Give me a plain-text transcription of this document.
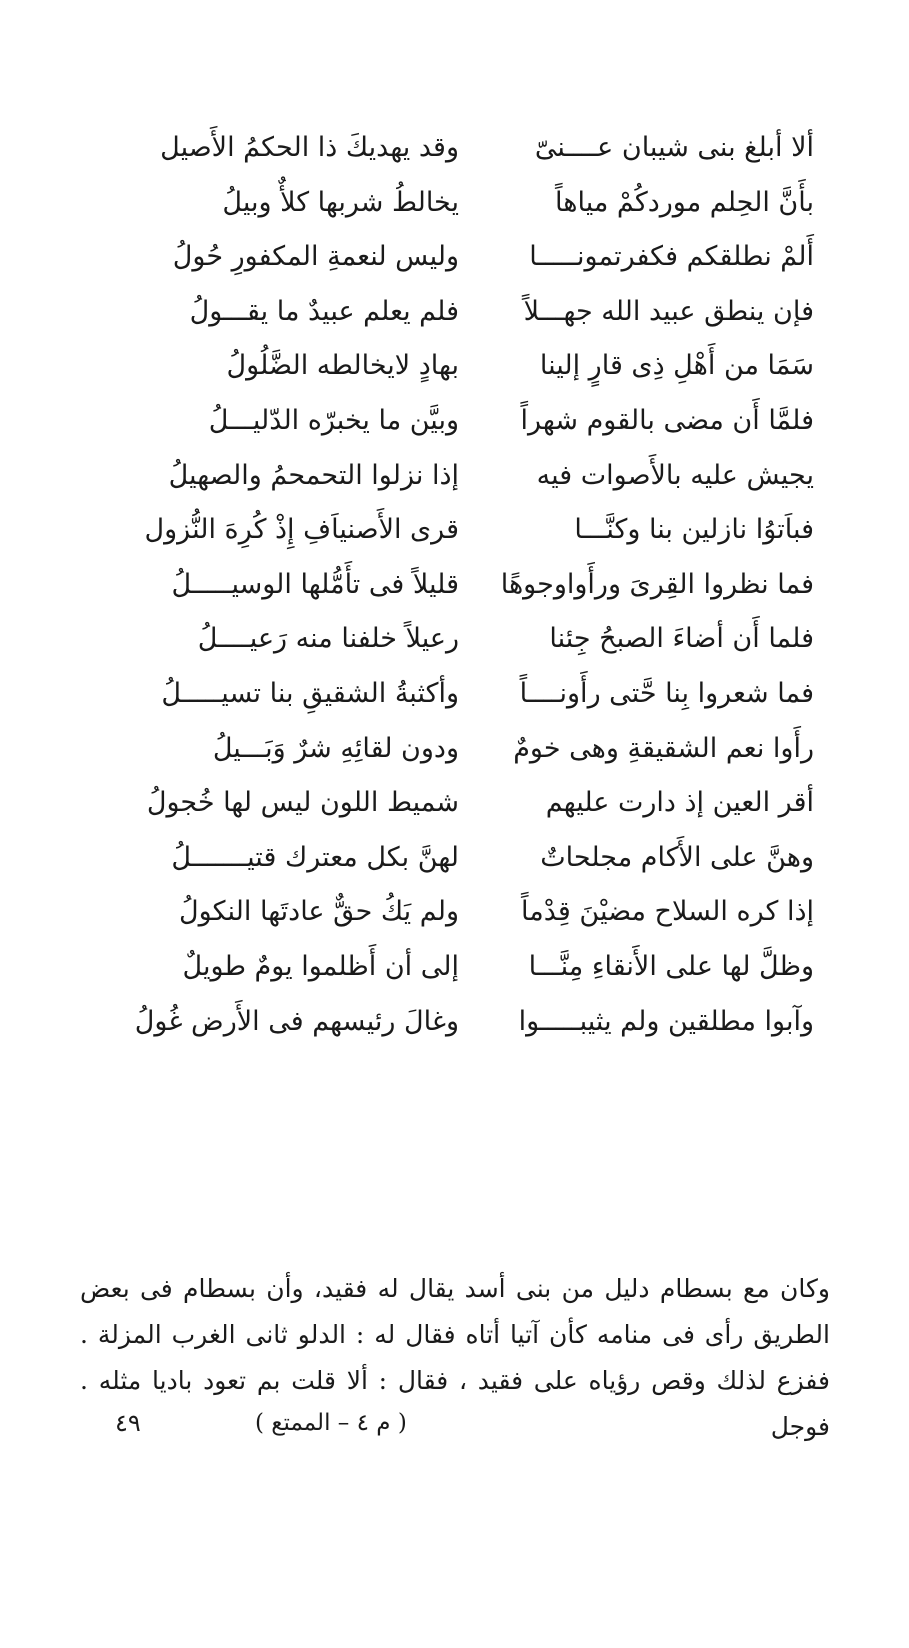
ألا أبلغ بنى شيبان عــــنىّ
وقد يهديكَ ذا الحكمُ الأَصيل
بأَنَّ الحِلم موردكُمْ مياهاً
يخالطُ شربها كلأٌ وبيلُ
أَلمْ نطلقكم فكفرتمونـــــا
وليس لنعمةِ المكفورِ حُولُ
فإن ينطق عبيد الله جهـــلاً
فلم يعلم عبيدٌ ما يقـــولُ
سَمَا من أَهْلِ ذِى قارٍ إلينا
بهادٍ لايخالطه الضَّلُولُ
فلمَّا أَن مضى بالقوم شهراً
وبيَّن ما يخبرّه الدّليـــلُ
يجيش عليه بالأَصوات فيه
إذا نزلوا التحمحمُ والصهيلُ
فباَتوُا نازلين بنا وكنَّـــا
قرى الأَصنياَفِ إِذْ كُرِهَ النُّزول
فما نظروا القِرىَ ورأَواوجوهًا
قليلاً فى تأَمُّلها الوسيـــــلُ
فلما أَن أضاءَ الصبحُ جِئنا
رعيلاً خلفنا منه رَعيــــلُ
فما شعروا بِنا حَّتى رأَونــــاً
وأكثبةُ الشقيقِ بنا تسيـــــلُ
رأَوا نعم الشقيقةِ وهى خومٌ
ودون لقائِهِ شرٌ وَبَـــيلُ
أقر العين إذ دارت عليهم
شميط اللون ليس لها خُجولُ
وهنَّ على الأَكام مجلحاتٌ
لهنَّ بكل معترك قتيـــــــلُ
إذا كره السلاح مضيْنَ قِدْماً
ولم يَكُ حقٌّ عادتَها النكولُ
وظلَّ لها على الأَنقاءِ مِنَّـــا
إلى أن أَظلموا يومٌ طويلٌ
وآبوا مطلقين ولم يثيبـــــوا
وغالَ رئيسهم فى الأَرض غُولُ

وكان مع بسطام دليل من بنى أسد يقال له فقيد، وأن بسطام فى بعض الطريق رأى فى منامه كأن آتيا أتاه فقال له : الدلو ثانى الغرب المزلة . ففزع لذلك وقص رؤياه على فقيد ، فقال : ألا قلت بم تعود باديا مثله . فوجل

٤٩	( م ٤ – الممتع )
